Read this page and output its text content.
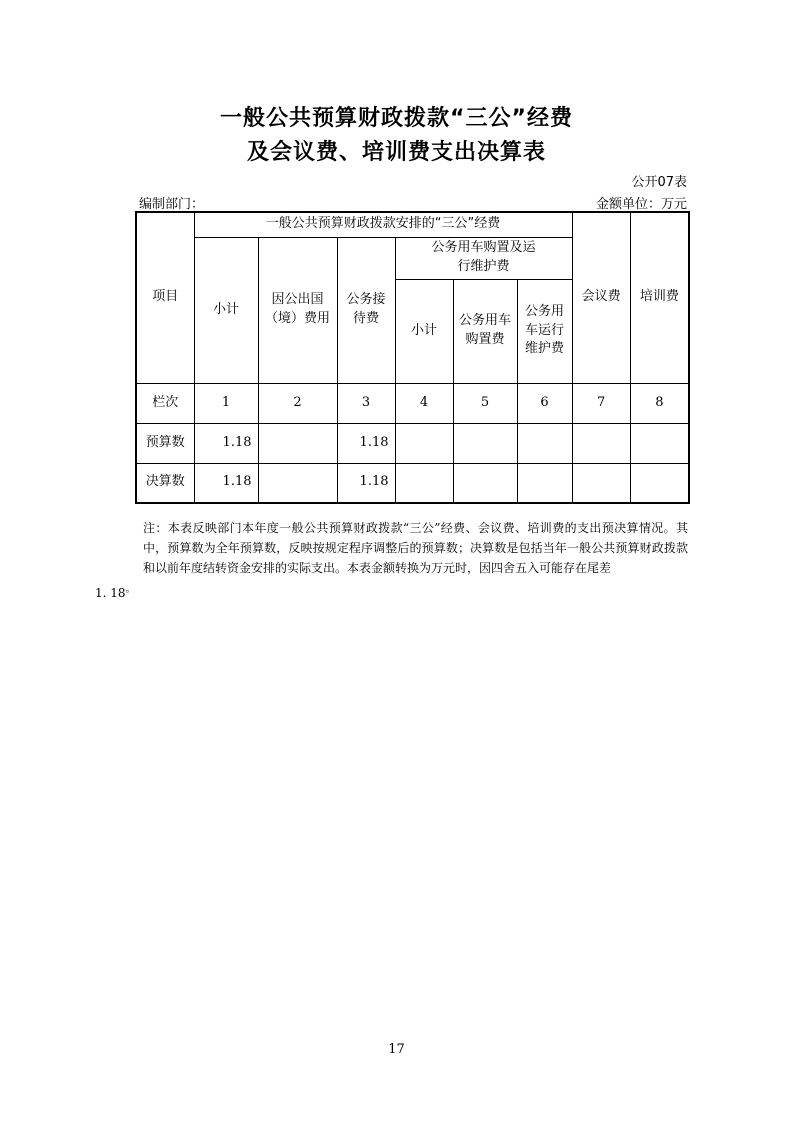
一般公共预算财政拨款“三公”经费
及会议费、培训费支出决算表
公开07表
编制部门：	金额单位：万元
项目	一般公共预算财政拨款安排的“三公”经费						会议费	培训费
	小计	因公出国（境）费用	公务接待费	公务用车购置及运行维护费				
				小计	公务用车购置费	公务用车运行维护费		

栏次	1	2	3	4	5	6	7	8
预算数	1.18		1.18					
决算数	1.18		1.18					
注：本表反映部门本年度一般公共预算财政拨款“三公”经费、会议费、培训费的支出预决算情况。其中，预算数为全年预算数，反映按规定程序调整后的预算数；决算数是包括当年一般公共预算财政拨款和以前年度结转资金安排的实际支出。本表金额转换为万元时，因四舍五入可能存在尾差
1. 18。
17
